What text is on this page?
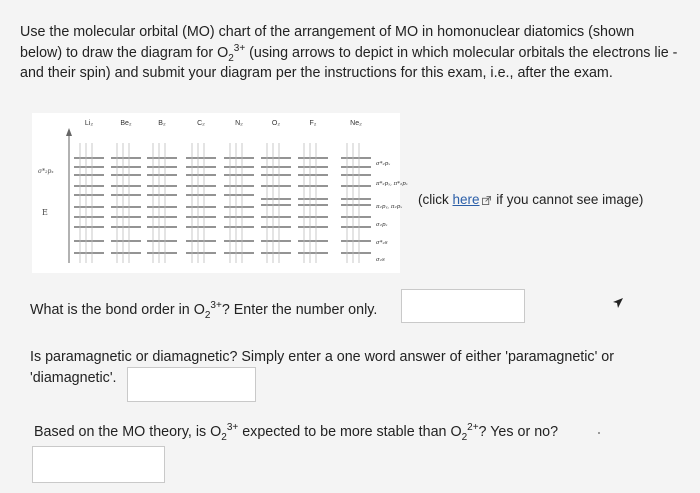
Use the molecular orbital (MO) chart of the arrangement of MO in homonuclear diatomics (shown below) to draw the diagram for $O_2^{3+}$ (using arrows to depict in which molecular orbitals the electrons lie - and their spin) and submit your diagram per the instructions for this exam, i.e., after the exam.
E
σ*₂pₓ
Li₂	Be₂	B₂	C₂	N₂	O₂	F₂	Ne₂
σ*₂pₓ
π*₂pᵧ, π*₂pₓ
π₂pᵧ, π₂pₓ
σ₂pₓ
σ*₂s
σ₂s
(click here if you cannot see image)
What is the bond order in $O_2^{3+}$? Enter the number only.
Is paramagnetic or diamagnetic? Simply enter a one word answer of either 'paramagnetic' or 'diamagnetic'.
Based on the MO theory, is $O_2^{3+}$ expected to be more stable than $O_2^{2+}$? Yes or no?
